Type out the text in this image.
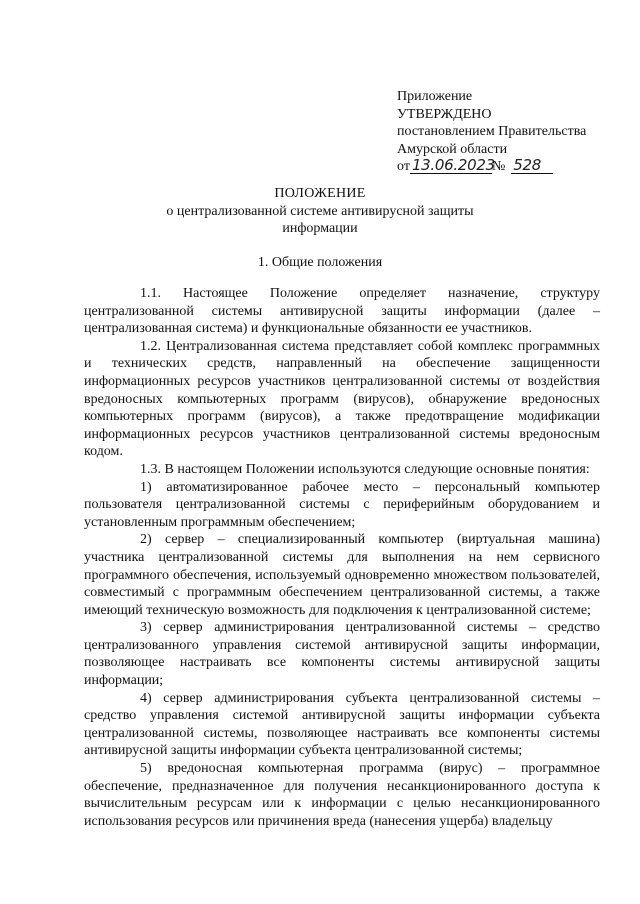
Приложение
УТВЕРЖДЕНО
постановлением Правительства
Амурской области
от 13.06.2023
№ 528
ПОЛОЖЕНИЕ
о централизованной системе антивирусной защиты
информации
1. Общие положения

1.1. Настоящее Положение определяет назначение, структуру централизованной системы антивирусной защиты информации (далее – централизованная система) и функциональные обязанности ее участников.

1.2. Централизованная система представляет собой комплекс программных и технических средств, направленный на обеспечение защищенности информационных ресурсов участников централизованной системы от воздействия вредоносных компьютерных программ (вирусов), обнаружение вредоносных компьютерных программ (вирусов), а также предотвращение модификации информационных ресурсов участников централизованной системы вредоносным кодом.

1.3. В настоящем Положении используются следующие основные понятия:

1) автоматизированное рабочее место – персональный компьютер пользователя централизованной системы с периферийным оборудованием и установленным программным обеспечением;

2) сервер – специализированный компьютер (виртуальная машина) участника централизованной системы для выполнения на нем сервисного программного обеспечения, используемый одновременно множеством пользователей, совместимый с программным обеспечением централизованной системы, а также имеющий техническую возможность для подключения к централизованной системе;

3) сервер администрирования централизованной системы – средство централизованного управления системой антивирусной защиты информации, позволяющее настраивать все компоненты системы антивирусной защиты информации;

4) сервер администрирования субъекта централизованной системы – средство управления системой антивирусной защиты информации субъекта централизованной системы, позволяющее настраивать все компоненты системы антивирусной защиты информации субъекта централизованной системы;

5) вредоносная компьютерная программа (вирус) – программное обеспечение, предназначенное для получения несанкционированного доступа к вычислительным ресурсам или к информации с целью несанкционированного использования ресурсов или причинения вреда (нанесения ущерба) владельцу
